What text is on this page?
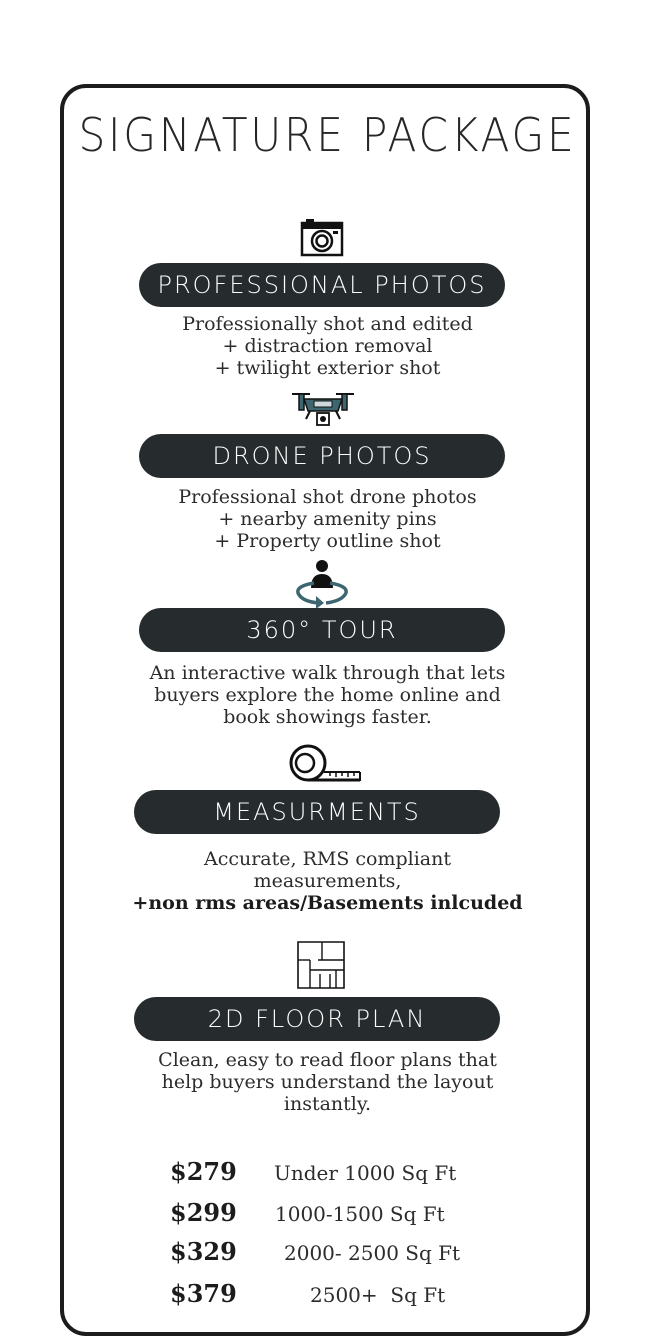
SIGNATURE PACKAGE
PROFESSIONAL PHOTOS
Professionally shot and edited
+ distraction removal
+ twilight exterior shot
DRONE PHOTOS
Professional shot drone photos
+ nearby amenity pins
+ Property outline shot
360° TOUR
An interactive walk through that lets
buyers explore the home online and
book showings faster.
MEASURMENTS
Accurate, RMS compliant
measurements,
+non rms areas/Basements inlcuded
2D FLOOR PLAN
Clean, easy to read floor plans that
help buyers understand the layout
instantly.
$279 Under 1000 Sq Ft
$299 1000-1500 Sq Ft
$329 2000- 2500 Sq Ft
$379	2500+  Sq Ft
